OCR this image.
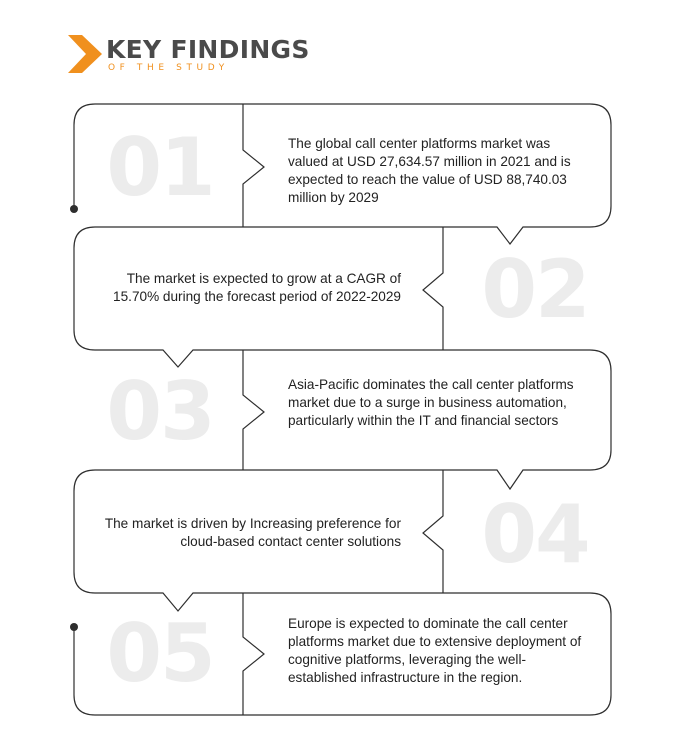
KEY FINDINGS
OF THE STUDY
01
02
03
04
05
The global call center platforms market was valued at USD 27,634.57 million in 2021 and is expected to reach the value of USD 88,740.03 million by 2029
The market is expected to grow at a CAGR of 15.70% during the forecast period of 2022-2029
Asia-Pacific dominates the call center platforms market due to a surge in business automation, particularly within the IT and financial sectors
The market is driven by Increasing preference for cloud-based contact center solutions
Europe is expected to dominate the call center platforms market due to extensive deployment of cognitive platforms, leveraging the well-established infrastructure in the region.
